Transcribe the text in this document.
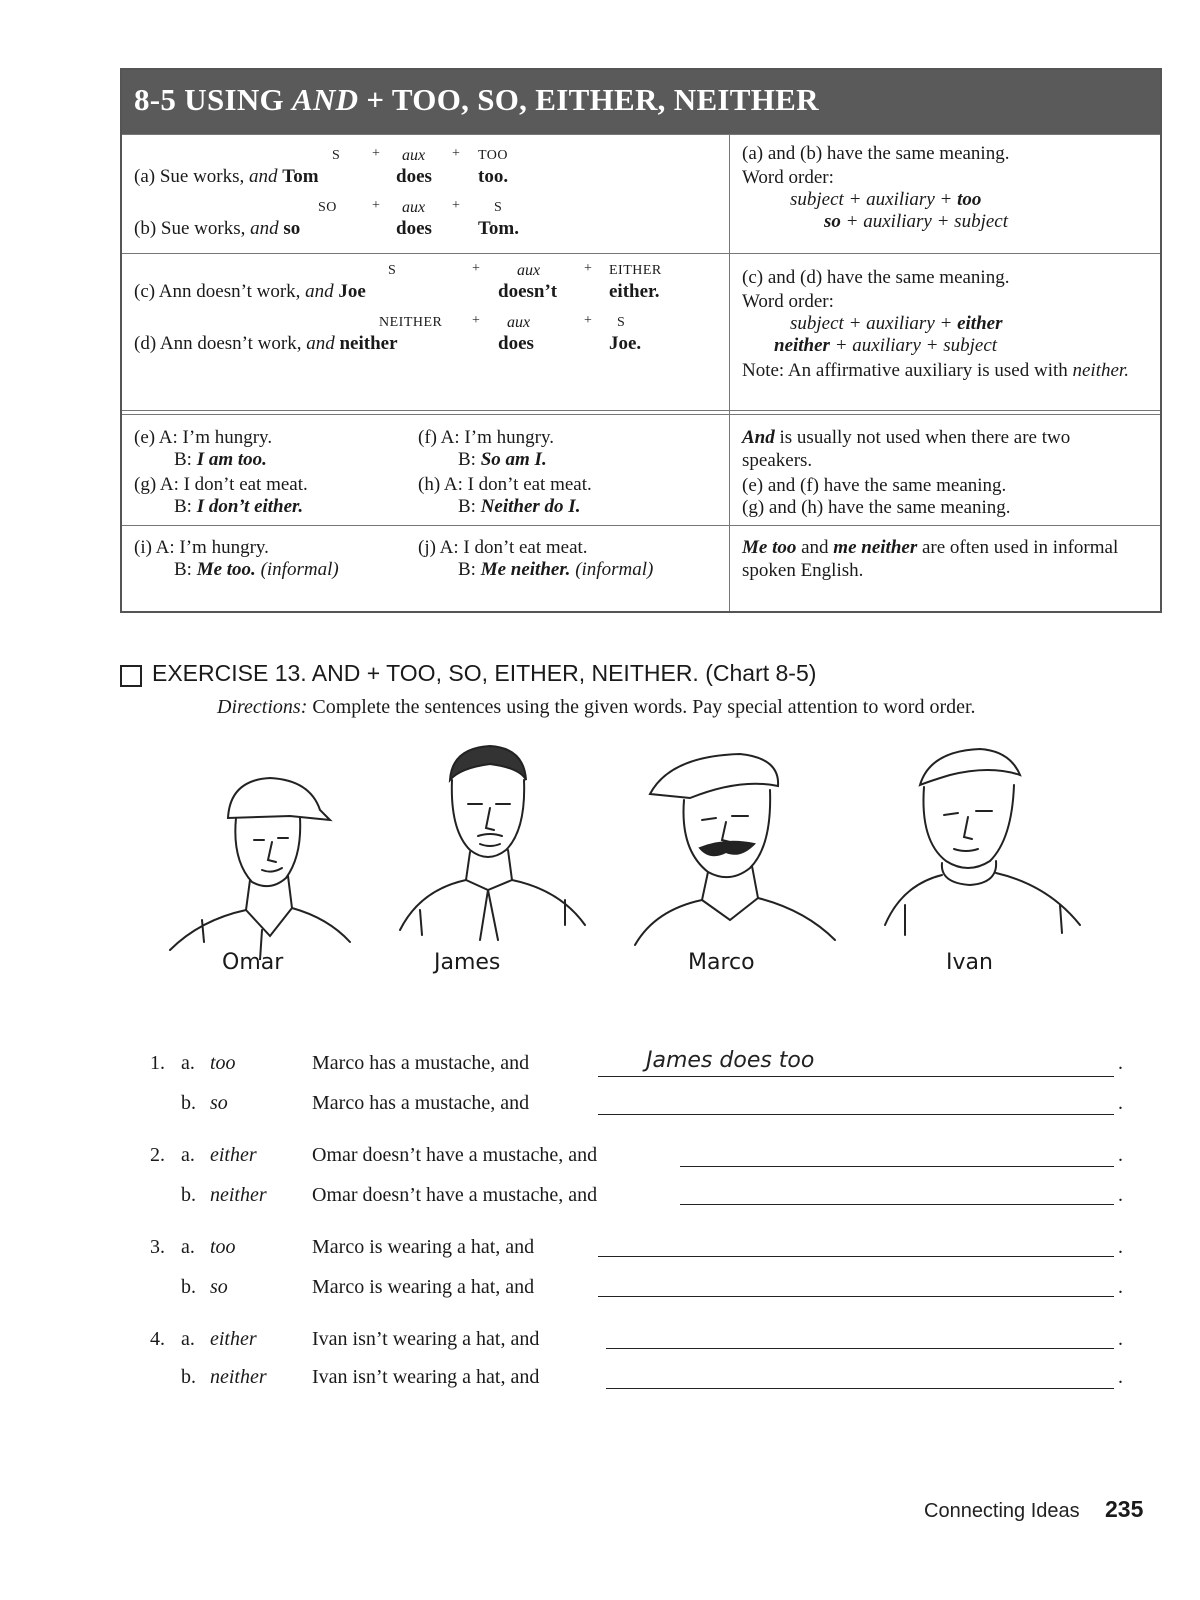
8-5 USING AND + TOO, SO, EITHER, NEITHER
S + aux + TOO
(a) Sue works, and Tom	does too.
SO	+ aux + S
(b) Sue works, and so	does Tom.
(a) and (b) have the same meaning.
Word order:
subject + auxiliary + too
so + auxiliary + subject
S	+ aux	+ EITHER
(c) Ann doesn’t work, and Joe	doesn’t	either.
NEITHER + aux	+ S
(d) Ann doesn’t work, and neither	does	Joe.
(c) and (d) have the same meaning.
Word order:
subject + auxiliary + either
neither + auxiliary + subject
Note: An affirmative auxiliary is used with neither.
(e) A: I’m hungry.
B: I am too.
(f) A: I’m hungry.
B: So am I.
(g) A: I don’t eat meat.
B: I don’t either.
(h) A: I don’t eat meat.
B: Neither do I.
And is usually not used when there are two speakers.
(e) and (f) have the same meaning.
(g) and (h) have the same meaning.
(i) A: I’m hungry.
B: Me too. (informal)
(j) A: I don’t eat meat.
B: Me neither. (informal)
Me too and me neither are often used in informal spoken English.
EXERCISE 13. AND + TOO, SO, EITHER, NEITHER. (Chart 8-5)
Directions: Complete the sentences using the given words. Pay special attention to word order.
Omar	James	Marco	Ivan
1. a. too	Marco has a mustache, and	James does too	.
b. so	Marco has a mustache, and	.
2. a. either	Omar doesn’t have a mustache, and	.
b. neither Omar doesn’t have a mustache, and	.
3. a. too	Marco is wearing a hat, and	.
b. so	Marco is wearing a hat, and	.
4. a. either	Ivan isn’t wearing a hat, and	.
b. neither Ivan isn’t wearing a hat, and	.
Connecting Ideas 235
